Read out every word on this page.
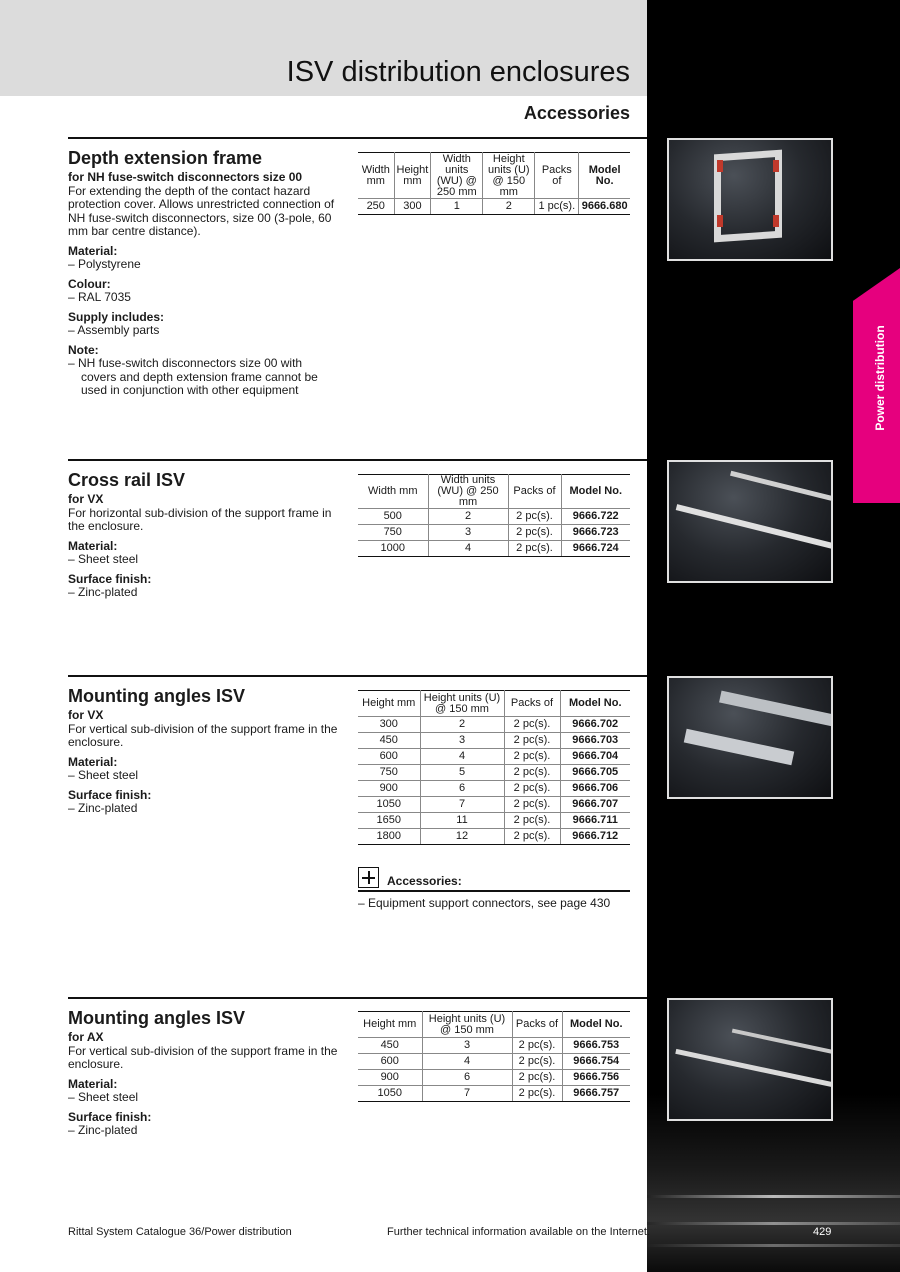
ISV distribution enclosures
Accessories
Power distribution
Depth extension frame
for NH fuse-switch disconnectors size 00
For extending the depth of the contact hazard protection cover. Allows unrestricted connection of NH fuse-switch disconnectors, size 00 (3-pole, 60 mm bar centre distance).
Material:
– Polystyrene
Colour:
– RAL 7035
Supply includes:
– Assembly parts
Note:
– NH fuse-switch disconnectors size 00 with covers and depth extension frame cannot be used in conjunction with other equipment
Width mm	Height mm	Width units (WU) @ 250 mm	Height units (U) @ 150 mm	Packs of	Model No.
250	300	1	2	1 pc(s).	9666.680
Cross rail ISV
for VX
For horizontal sub-division of the support frame in the enclosure.
Material:
– Sheet steel
Surface finish:
– Zinc-plated
Width mm	Width units (WU) @ 250 mm	Packs of	Model No.
500	2	2 pc(s).	9666.722
750	3	2 pc(s).	9666.723
1000	4	2 pc(s).	9666.724
Mounting angles ISV
for VX
For vertical sub-division of the support frame in the enclosure.
Material:
– Sheet steel
Surface finish:
– Zinc-plated
Height mm	Height units (U) @ 150 mm	Packs of	Model No.
300	2	2 pc(s).	9666.702
450	3	2 pc(s).	9666.703
600	4	2 pc(s).	9666.704
750	5	2 pc(s).	9666.705
900	6	2 pc(s).	9666.706
1050	7	2 pc(s).	9666.707
1650	11	2 pc(s).	9666.711
1800	12	2 pc(s).	9666.712
Accessories:
– Equipment support connectors, see page 430
Mounting angles ISV
for AX
For vertical sub-division of the support frame in the enclosure.
Material:
– Sheet steel
Surface finish:
– Zinc-plated
Height mm	Height units (U) @ 150 mm	Packs of	Model No.
450	3	2 pc(s).	9666.753
600	4	2 pc(s).	9666.754
900	6	2 pc(s).	9666.756
1050	7	2 pc(s).	9666.757
Rittal System Catalogue 36/Power distribution	Further technical information available on the Internet.	429
